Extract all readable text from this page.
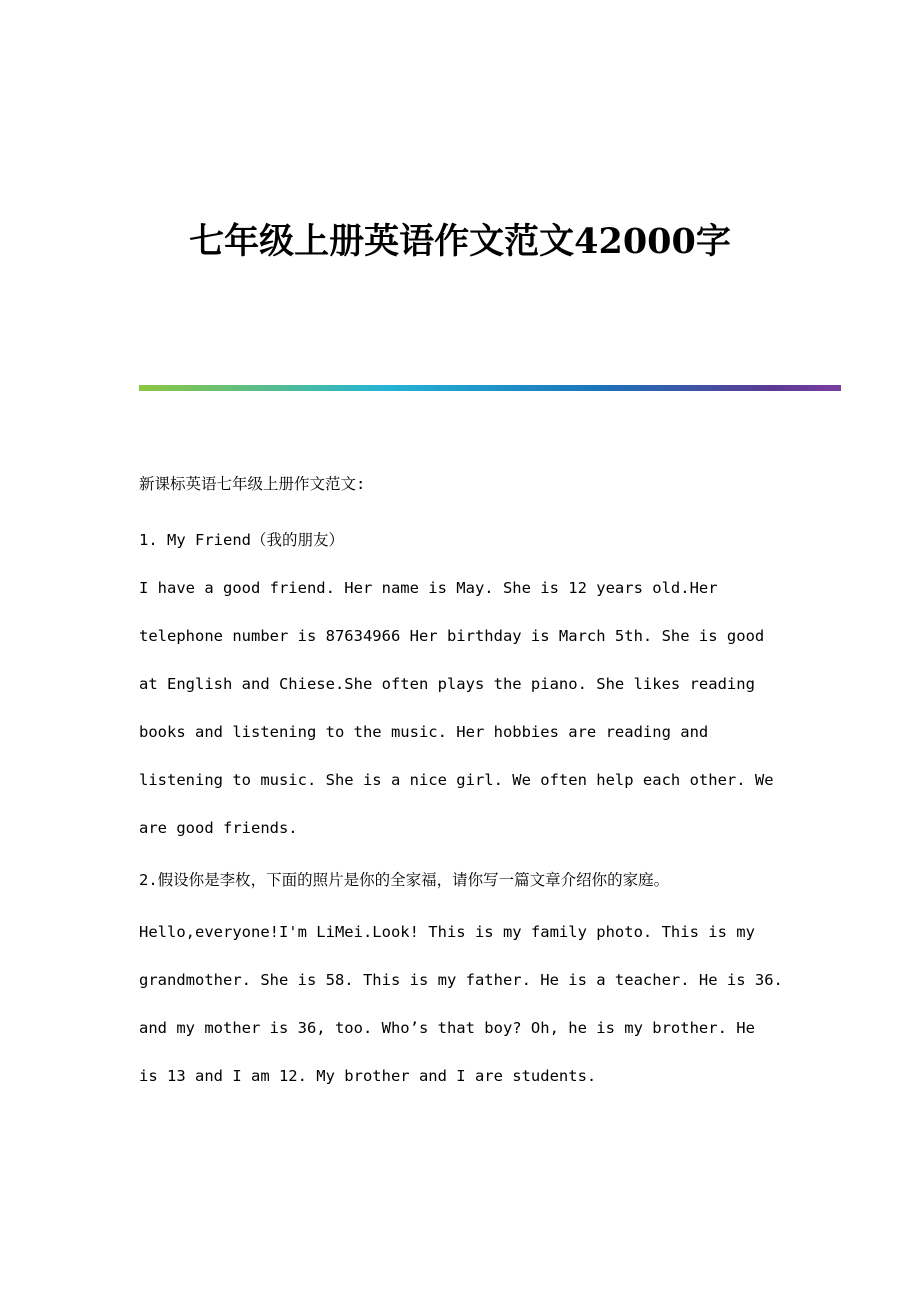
七年级上册英语作文范文42000字

新课标英语七年级上册作文范文:

1. My Friend（我的朋友）

I have a good friend. Her name is May. She is 12 years old.Her

telephone number is 87634966 Her birthday is March 5th. She is good

at English and Chiese.She often plays the piano. She likes reading

books and listening to the music. Her hobbies are reading and

listening to music. She is a nice girl. We often help each other. We

are good friends.

2.假设你是李枚，下面的照片是你的全家福，请你写一篇文章介绍你的家庭。

Hello,everyone!I'm LiMei.Look! This is my family photo. This is my

grandmother. She is 58. This is my father. He is a teacher. He is 36.

and my mother is 36, too. Who’s that boy? Oh, he is my brother. He

is 13 and I am 12. My brother and I are students.
